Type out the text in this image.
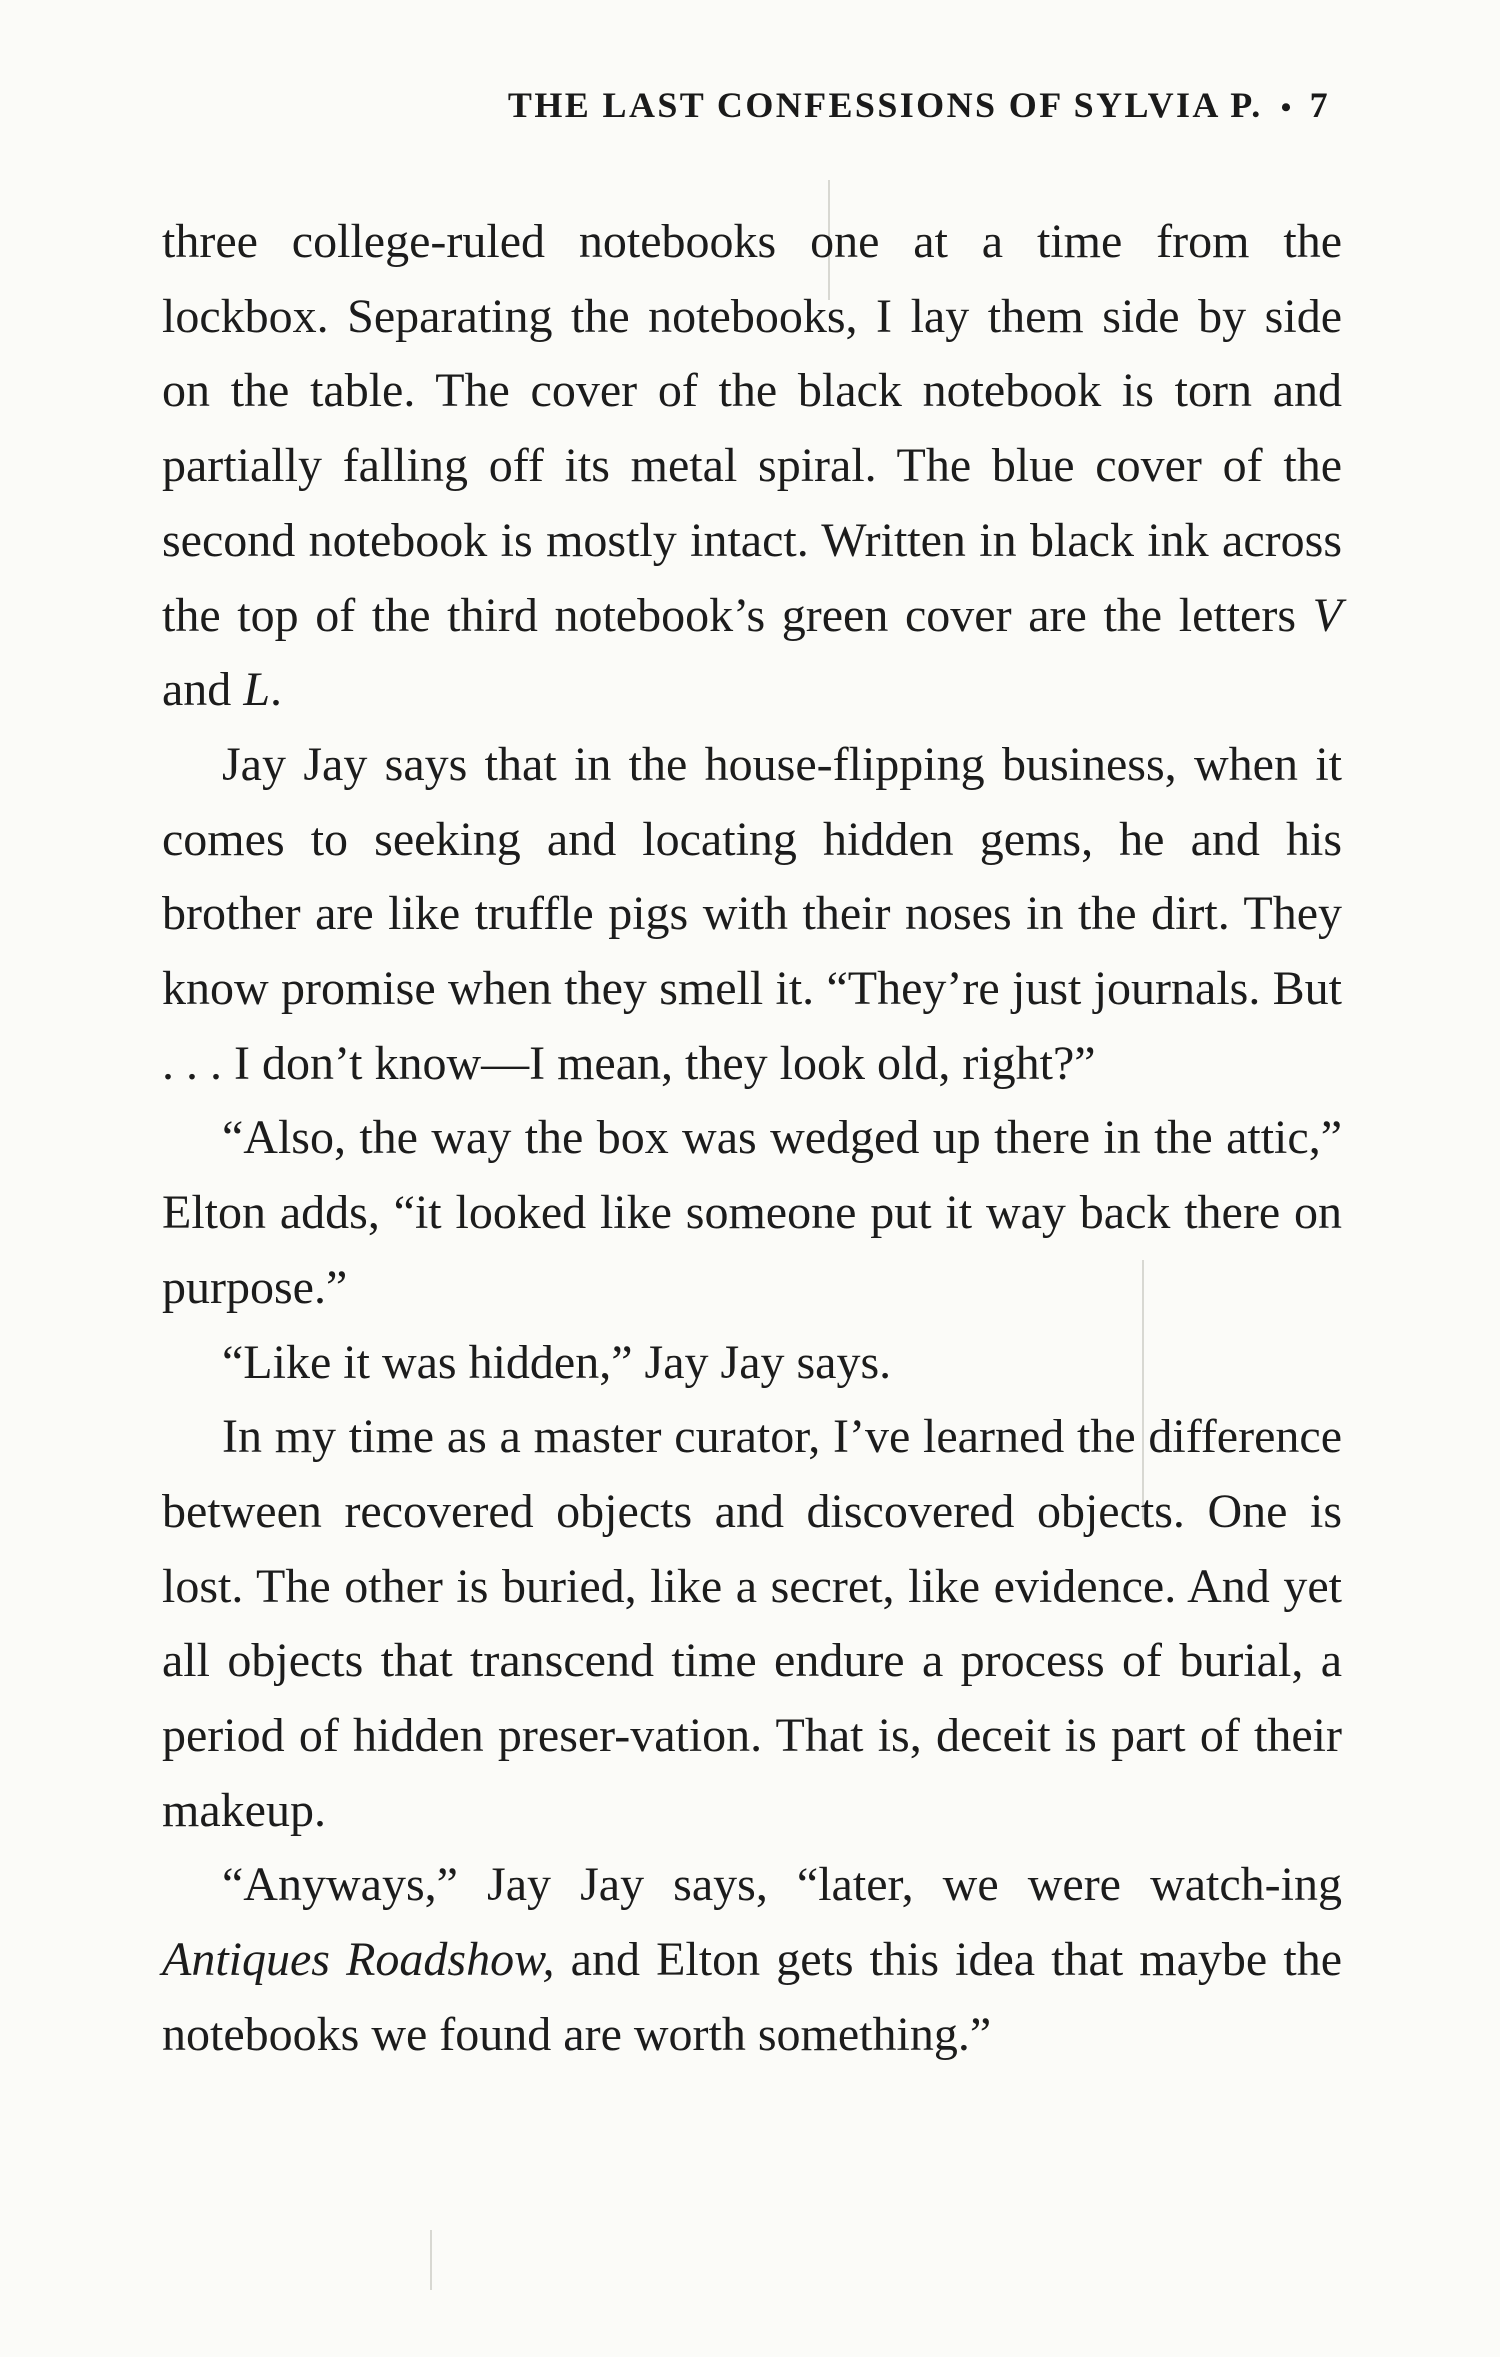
THE LAST CONFESSIONS OF SYLVIA P. • 7

three college-ruled notebooks one at a time from the lockbox. Separating the notebooks, I lay them side by side on the table. The cover of the black notebook is torn and partially falling off its metal spiral. The blue cover of the second notebook is mostly intact. Written in black ink across the top of the third notebook’s green cover are the letters V and L.

Jay Jay says that in the house-flipping business, when it comes to seeking and locating hidden gems, he and his brother are like truffle pigs with their noses in the dirt. They know promise when they smell it. “They’re just journals. But . . . I don’t know—I mean, they look old, right?”

“Also, the way the box was wedged up there in the attic,” Elton adds, “it looked like someone put it way back there on purpose.”

“Like it was hidden,” Jay Jay says.

In my time as a master curator, I’ve learned the difference between recovered objects and discovered objects. One is lost. The other is buried, like a secret, like evidence. And yet all objects that transcend time endure a process of burial, a period of hidden preser-vation. That is, deceit is part of their makeup.

“Anyways,” Jay Jay says, “later, we were watch-ing Antiques Roadshow, and Elton gets this idea that maybe the notebooks we found are worth something.”
